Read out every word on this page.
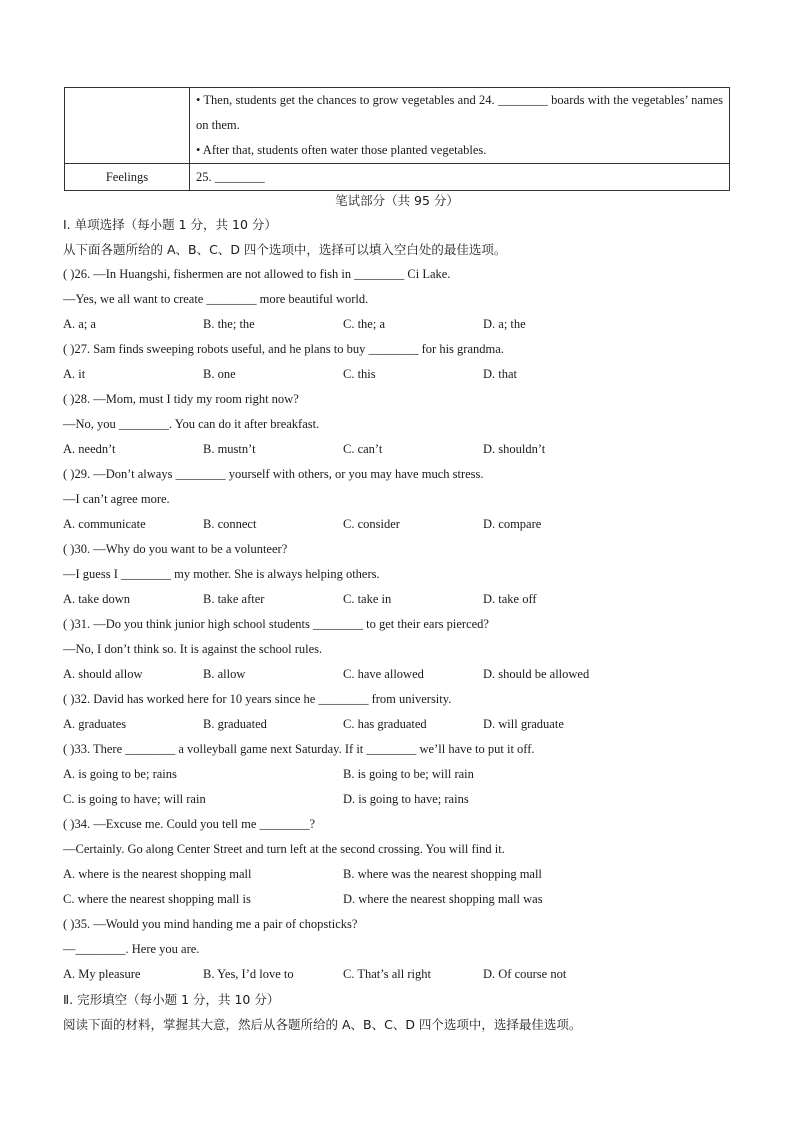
	• Then, students get the chances to grow vegetables and 24. ________ boards with the vegetables’ names on them.
• After that, students often water those planted vegetables.

Feelings	25. ________
笔试部分（共 95 分）
Ⅰ. 单项选择（每小题 1 分，共 10 分）
从下面各题所给的 A、B、C、D 四个选项中，选择可以填入空白处的最佳选项。
( )26. —In Huangshi, fishermen are not allowed to fish in ________ Ci Lake.
—Yes, we all want to create ________ more beautiful world.
A. a; a	B. the; the	C. the; a	D. a; the
( )27. Sam finds sweeping robots useful, and he plans to buy ________ for his grandma.
A. it	B. one	C. this	D. that
( )28. —Mom, must I tidy my room right now?
—No, you ________. You can do it after breakfast.
A. needn’t	B. mustn’t	C. can’t	D. shouldn’t
( )29. —Don’t always ________ yourself with others, or you may have much stress.
—I can’t agree more.
A. communicate	B. connect	C. consider	D. compare
( )30. —Why do you want to be a volunteer?
—I guess I ________ my mother. She is always helping others.
A. take down	B. take after	C. take in	D. take off
( )31. —Do you think junior high school students ________ to get their ears pierced?
—No, I don’t think so. It is against the school rules.
A. should allow	B. allow	C. have allowed	D. should be allowed
( )32. David has worked here for 10 years since he ________ from university.
A. graduates	B. graduated	C. has graduated	D. will graduate
( )33. There ________ a volleyball game next Saturday. If it ________ we’ll have to put it off.
A. is going to be; rains	B. is going to be; will rain
C. is going to have; will rain	D. is going to have; rains
( )34. —Excuse me. Could you tell me ________?
—Certainly. Go along Center Street and turn left at the second crossing. You will find it.
A. where is the nearest shopping mall	B. where was the nearest shopping mall
C. where the nearest shopping mall is	D. where the nearest shopping mall was
( )35. —Would you mind handing me a pair of chopsticks?
—________. Here you are.
A. My pleasure	B. Yes, I’d love to	C. That’s all right	D. Of course not
Ⅱ. 完形填空（每小题 1 分，共 10 分）
阅读下面的材料，掌握其大意，然后从各题所给的 A、B、C、D 四个选项中，选择最佳选项。
